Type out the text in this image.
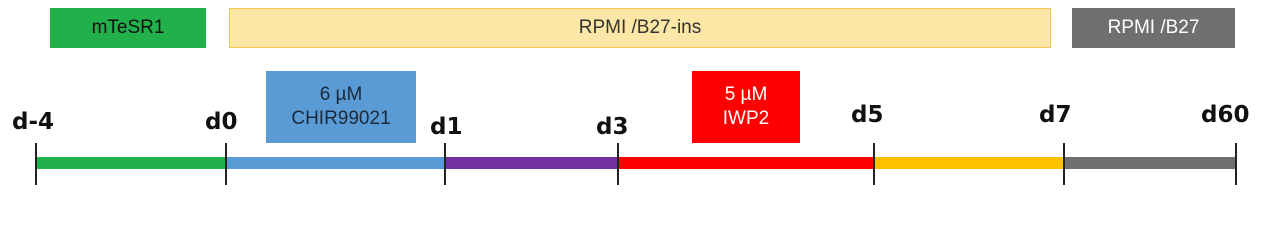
mTeSR1	RPMI /B27-ins	RPMI /B27
6 µM
CHIR99021
5 µM
IWP2
d-4	d0	d1	d3	d5	d7	d60
